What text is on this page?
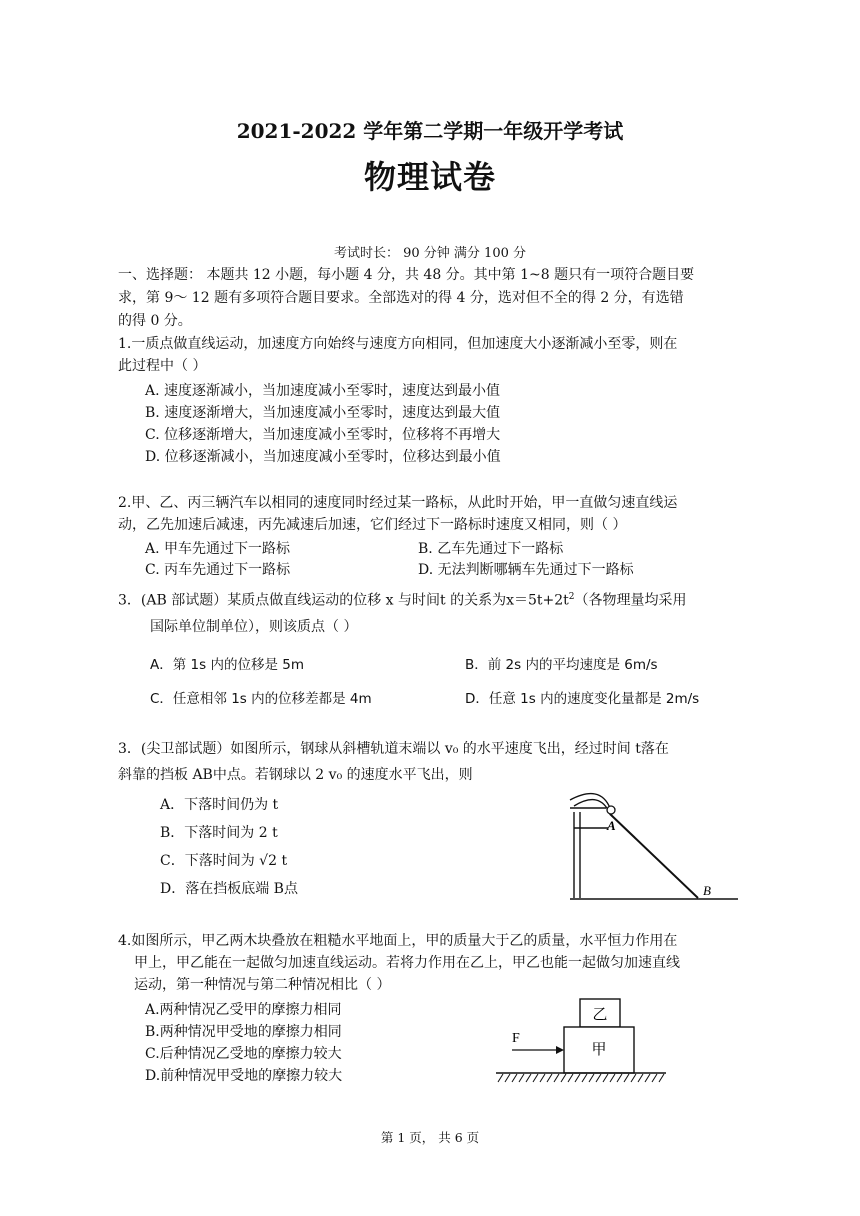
2021-2022 学年第二学期一年级开学考试
物理试卷
考试时长： 90 分钟 满分 100 分
一、选择题： 本题共 12 小题，每小题 4 分，共 48 分。其中第 1~8 题只有一项符合题目要
求，第 9～ 12 题有多项符合题目要求。全部选对的得 4 分，选对但不全的得 2 分，有选错
的得 0 分。
1.一质点做直线运动，加速度方向始终与速度方向相同，但加速度大小逐渐减小至零，则在
此过程中（ ）
A. 速度逐渐减小，当加速度减小至零时，速度达到最小值
B. 速度逐渐增大，当加速度减小至零时，速度达到最大值
C. 位移逐渐增大，当加速度减小至零时，位移将不再增大
D. 位移逐渐减小，当加速度减小至零时，位移达到最小值
2.甲、乙、丙三辆汽车以相同的速度同时经过某一路标，从此时开始，甲一直做匀速直线运
动，乙先加速后减速，丙先减速后加速，它们经过下一路标时速度又相同，则（ ）
A. 甲车先通过下一路标	B. 乙车先通过下一路标
C. 丙车先通过下一路标	D. 无法判断哪辆车先通过下一路标
3．(AB 部试题）某质点做直线运动的位移 x 与时间t 的关系为$x=5t+2t^2$（各物理量均采用
国际单位制单位），则该质点（ ）
A．第 1s 内的位移是 5m	B．前 2s 内的平均速度是 6m/s
C．任意相邻 1s 内的位移差都是 4m	D．任意 1s 内的速度变化量都是 2m/s
3．(尖卫部试题）如图所示，钢球从斜槽轨道末端以 v₀ 的水平速度飞出，经过时间 t落在
斜靠的挡板 AB中点。若钢球以 2 v₀ 的速度水平飞出，则
A．下落时间仍为 t
B．下落时间为 2 t
C．下落时间为 √2 t
D．落在挡板底端 B点
A
B
4.如图所示，甲乙两木块叠放在粗糙水平地面上，甲的质量大于乙的质量，水平恒力作用在
甲上，甲乙能在一起做匀加速直线运动。若将力作用在乙上，甲乙也能一起做匀加速直线
运动，第一种情况与第二种情况相比（ ）
A.两种情况乙受甲的摩擦力相同
B.两种情况甲受地的摩擦力相同
C.后种情况乙受地的摩擦力较大
D.前种情况甲受地的摩擦力较大
乙
甲
F
第 1 页， 共 6 页
